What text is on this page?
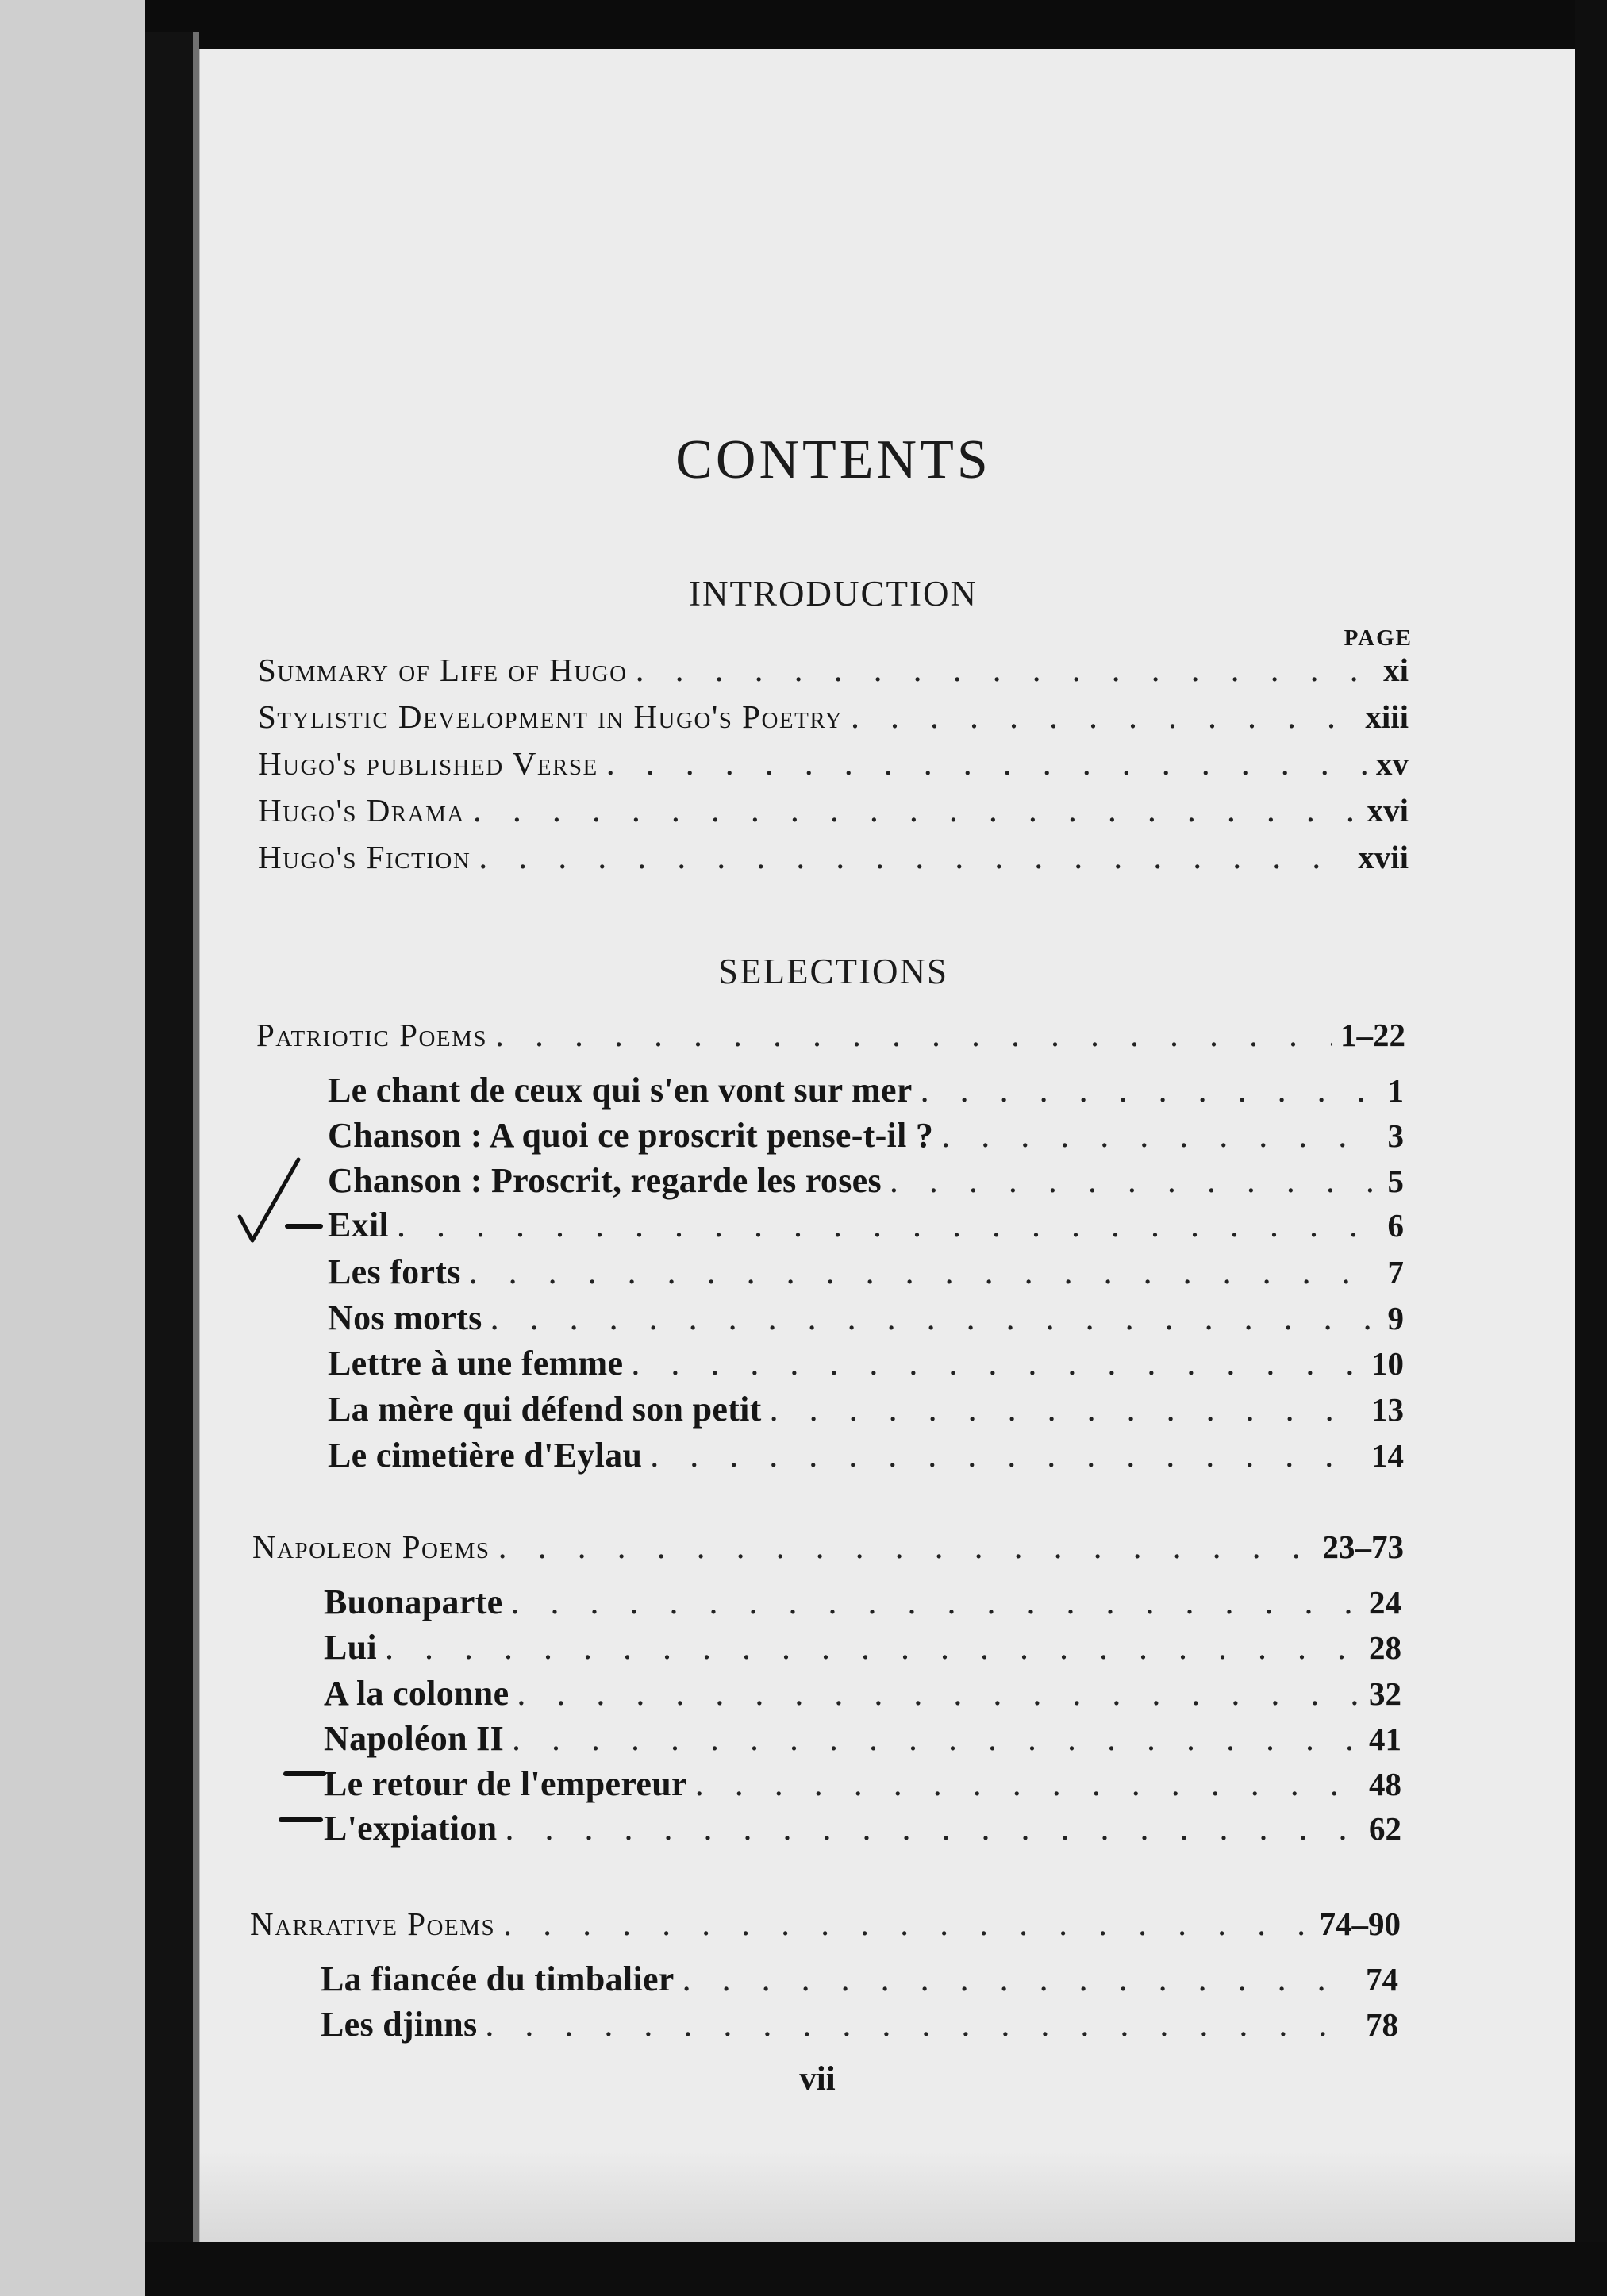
CONTENTS
INTRODUCTION
PAGE
Summary of Life of Hugo . . .	xi
Stylistic Development in Hugo's Poetry . . .	xiii
Hugo's published Verse . . .	xv
Hugo's Drama . . .	xvi
Hugo's Fiction . . .	xvii
SELECTIONS
Patriotic Poems . . .	1–22
Le chant de ceux qui s'en vont sur mer . . .	1
Chanson : A quoi ce proscrit pense-t-il ? . . .	3
Chanson : Proscrit, regarde les roses . . .	5
Exil . . .	6
Les forts . . .	7
Nos morts . . .	9
Lettre à une femme . . .	10
La mère qui défend son petit . . .	13
Le cimetière d'Eylau . . .	14
Napoleon Poems . . .	23–73
Buonaparte . . .	24
Lui . . .	28
A la colonne . . .	32
Napoléon II . . .	41
Le retour de l'empereur . . .	48
L'expiation . . .	62
Narrative Poems . . .	74–90
La fiancée du timbalier . . .	74
Les djinns . . .	78
vii
